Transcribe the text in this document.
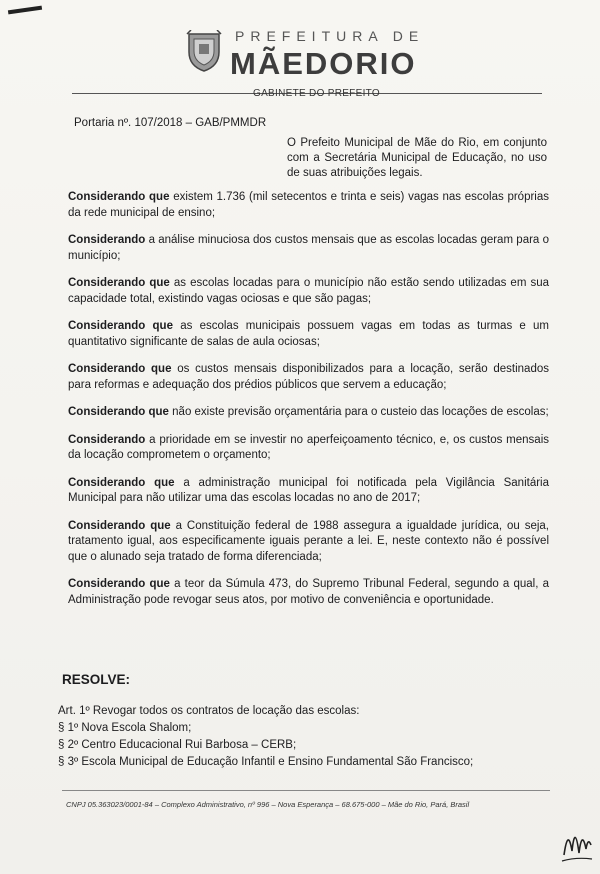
PREFEITURA DE
MÃEDORIO
GABINETE DO PREFEITO
Portaria nº. 107/2018 – GAB/PMMDR
O Prefeito Municipal de Mãe do Rio, em conjunto com a Secretária Municipal de Educação, no uso de suas atribuições legais.

Considerando que existem 1.736 (mil setecentos e trinta e seis) vagas nas escolas próprias da rede municipal de ensino;

Considerando a análise minuciosa dos custos mensais que as escolas locadas geram para o município;

Considerando que as escolas locadas para o município não estão sendo utilizadas em sua capacidade total, existindo vagas ociosas e que são pagas;

Considerando que as escolas municipais possuem vagas em todas as turmas e um quantitativo significante de salas de aula ociosas;

Considerando que os custos mensais disponibilizados para a locação, serão destinados para reformas e adequação dos prédios públicos que servem a educação;

Considerando que não existe previsão orçamentária para o custeio das locações de escolas;

Considerando a prioridade em se investir no aperfeiçoamento técnico, e, os custos mensais da locação comprometem o orçamento;

Considerando que a administração municipal foi notificada pela Vigilância Sanitária Municipal para não utilizar uma das escolas locadas no ano de 2017;

Considerando que a Constituição federal de 1988 assegura a igualdade jurídica, ou seja, tratamento igual, aos especificamente iguais perante a lei. E, neste contexto não é possível que o alunado seja tratado de forma diferenciada;

Considerando que a teor da Súmula 473, do Supremo Tribunal Federal, segundo a qual, a Administração pode revogar seus atos, por motivo de conveniência e oportunidade.

RESOLVE:
Art. 1º Revogar todos os contratos de locação das escolas:
§ 1º Nova Escola Shalom;
§ 2º Centro Educacional Rui Barbosa – CERB;
§ 3º Escola Municipal de Educação Infantil e Ensino Fundamental São Francisco;
CNPJ 05.363023/0001-84 – Complexo Administrativo, nº 996 – Nova Esperança – 68.675-000 – Mãe do Rio, Pará, Brasil
